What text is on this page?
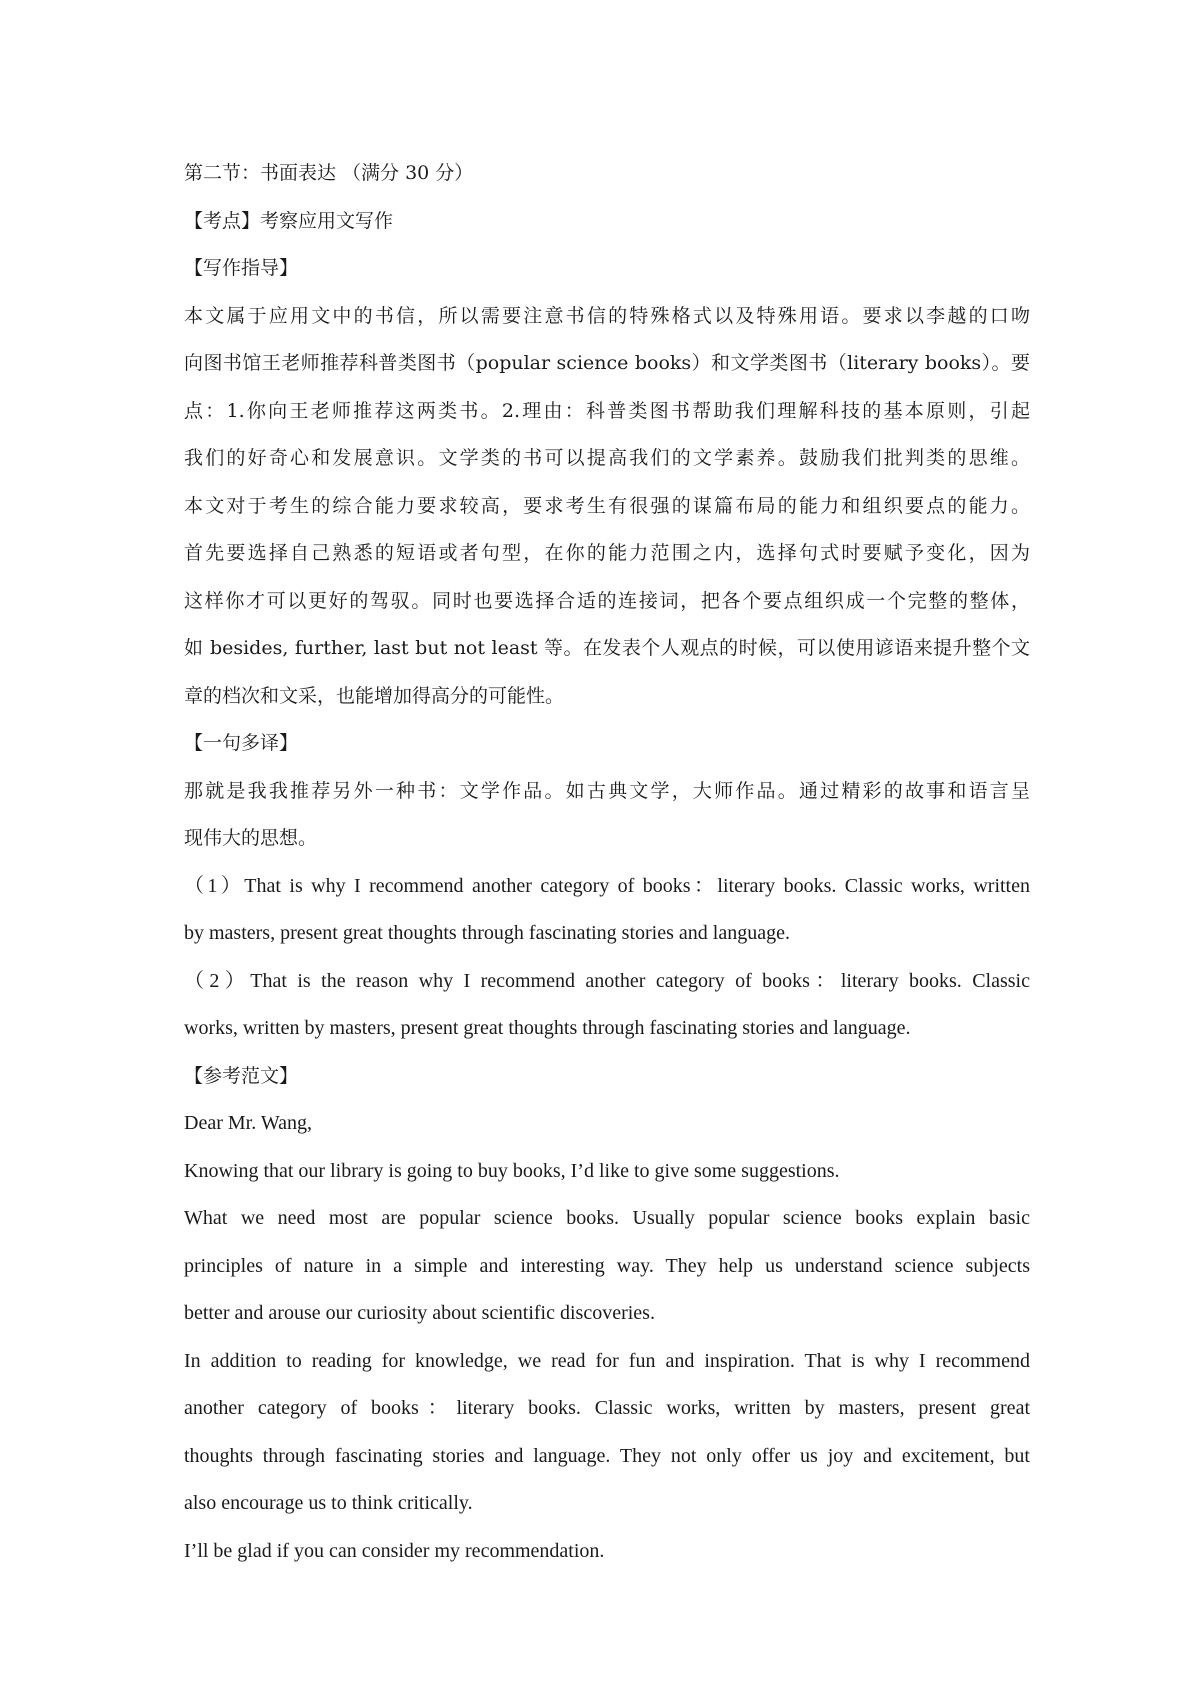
第二节：书面表达 （满分 30 分）
【考点】考察应用文写作
【写作指导】
本文属于应用文中的书信，所以需要注意书信的特殊格式以及特殊用语。要求以李越的口吻
向图书馆王老师推荐科普类图书（popular science books）和文学类图书（literary books）。要
点：1.你向王老师推荐这两类书。2.理由：科普类图书帮助我们理解科技的基本原则，引起
我们的好奇心和发展意识。文学类的书可以提高我们的文学素养。鼓励我们批判类的思维。
本文对于考生的综合能力要求较高，要求考生有很强的谋篇布局的能力和组织要点的能力。
首先要选择自己熟悉的短语或者句型，在你的能力范围之内，选择句式时要赋予变化，因为
这样你才可以更好的驾驭。同时也要选择合适的连接词，把各个要点组织成一个完整的整体，
如 besides, further, last but not least 等。在发表个人观点的时候，可以使用谚语来提升整个文
章的档次和文采，也能增加得高分的可能性。
【一句多译】
那就是我我推荐另外一种书：文学作品。如古典文学，大师作品。通过精彩的故事和语言呈
现伟大的思想。
（1）That is why I recommend another category of books：literary books. Classic works, written
by masters, present great thoughts through fascinating stories and language.
（2）That is the reason why I recommend another category of books：literary books. Classic
works, written by masters, present great thoughts through fascinating stories and language.
【参考范文】
Dear Mr. Wang,
Knowing that our library is going to buy books, I’d like to give some suggestions.
What we need most are popular science books. Usually popular science books explain basic
principles of nature in a simple and interesting way. They help us understand science subjects
better and arouse our curiosity about scientific discoveries.
In addition to reading for knowledge, we read for fun and inspiration. That is why I recommend
another category of books：literary books. Classic works, written by masters, present great
thoughts through fascinating stories and language. They not only offer us joy and excitement, but
also encourage us to think critically.
I’ll be glad if you can consider my recommendation.
